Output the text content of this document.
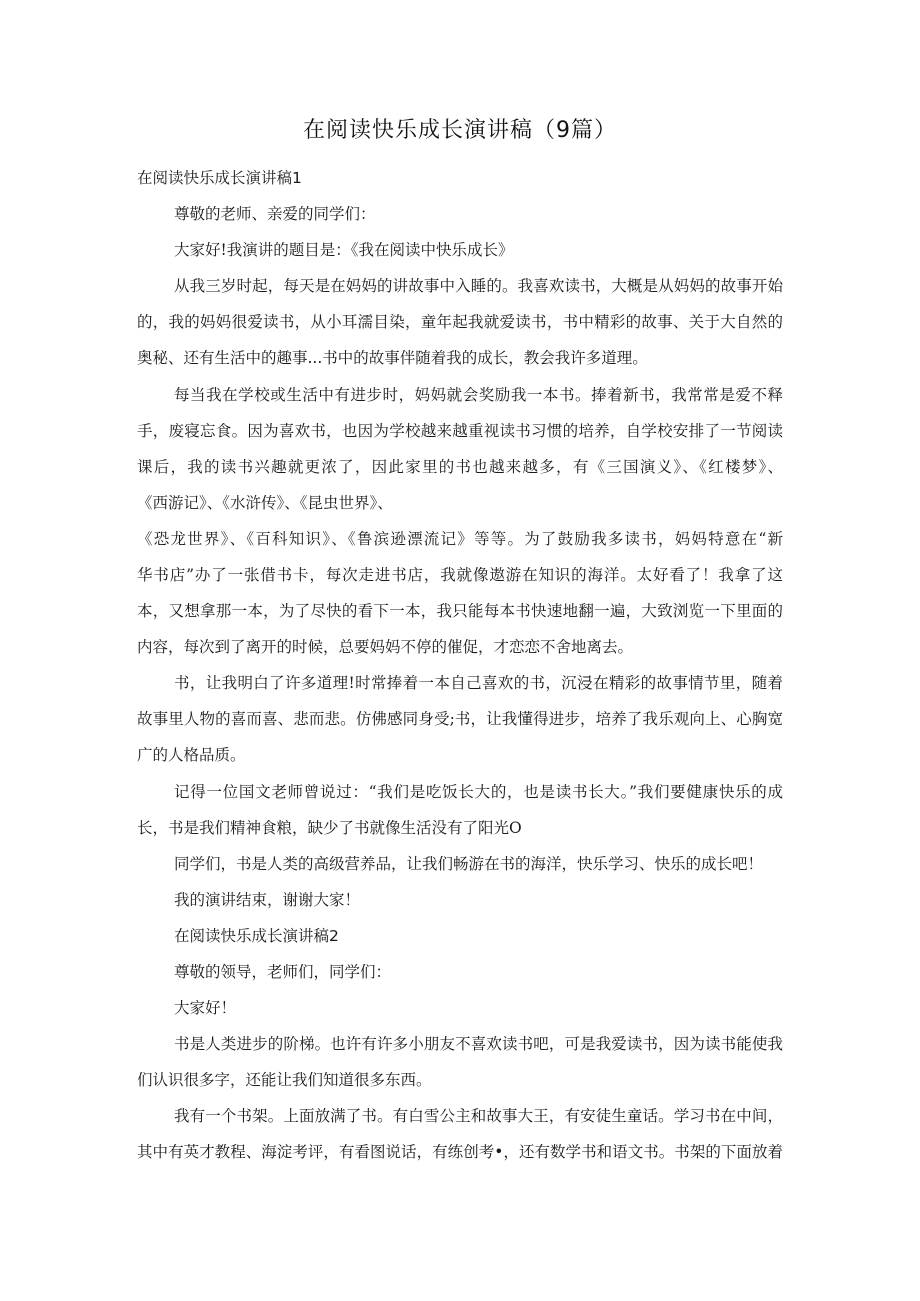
在阅读快乐成长演讲稿（9篇）

在阅读快乐成长演讲稿1

尊敬的老师、亲爱的同学们：

大家好!我演讲的题目是：《我在阅读中快乐成长》

从我三岁时起，每天是在妈妈的讲故事中入睡的。我喜欢读书，大概是从妈妈的故事开始

的，我的妈妈很爱读书，从小耳濡目染，童年起我就爱读书，书中精彩的故事、关于大自然的

奥秘、还有生活中的趣事...书中的故事伴随着我的成长，教会我许多道理。

每当我在学校或生活中有进步时，妈妈就会奖励我一本书。捧着新书，我常常是爱不释

手，废寝忘食。因为喜欢书，也因为学校越来越重视读书习惯的培养，自学校安排了一节阅读

课后，我的读书兴趣就更浓了，因此家里的书也越来越多，有《三国演义》、《红楼梦》、

《西游记》、《水浒传》、《昆虫世界》、

《恐龙世界》、《百科知识》、《鲁滨逊漂流记》等等。为了鼓励我多读书，妈妈特意在“新

华书店”办了一张借书卡，每次走进书店，我就像遨游在知识的海洋。太好看了！我拿了这

本，又想拿那一本，为了尽快的看下一本，我只能每本书快速地翻一遍，大致浏览一下里面的

内容，每次到了离开的时候，总要妈妈不停的催促，才恋恋不舍地离去。

书，让我明白了许多道理!时常捧着一本自己喜欢的书，沉浸在精彩的故事情节里，随着

故事里人物的喜而喜、悲而悲。仿佛感同身受;书，让我懂得进步，培养了我乐观向上、心胸宽

广的人格品质。

记得一位国文老师曾说过：“我们是吃饭长大的，也是读书长大。”我们要健康快乐的成

长，书是我们精神食粮，缺少了书就像生活没有了阳光O

同学们，书是人类的高级营养品，让我们畅游在书的海洋，快乐学习、快乐的成长吧！

我的演讲结束，谢谢大家！

在阅读快乐成长演讲稿2

尊敬的领导，老师们，同学们：

大家好！

书是人类进步的阶梯。也许有许多小朋友不喜欢读书吧，可是我爱读书，因为读书能使我

们认识很多字，还能让我们知道很多东西。

我有一个书架。上面放满了书。有白雪公主和故事大王，有安徒生童话。学习书在中间，

其中有英才教程、海淀考评，有看图说话，有练创考•，还有数学书和语文书。书架的下面放着
